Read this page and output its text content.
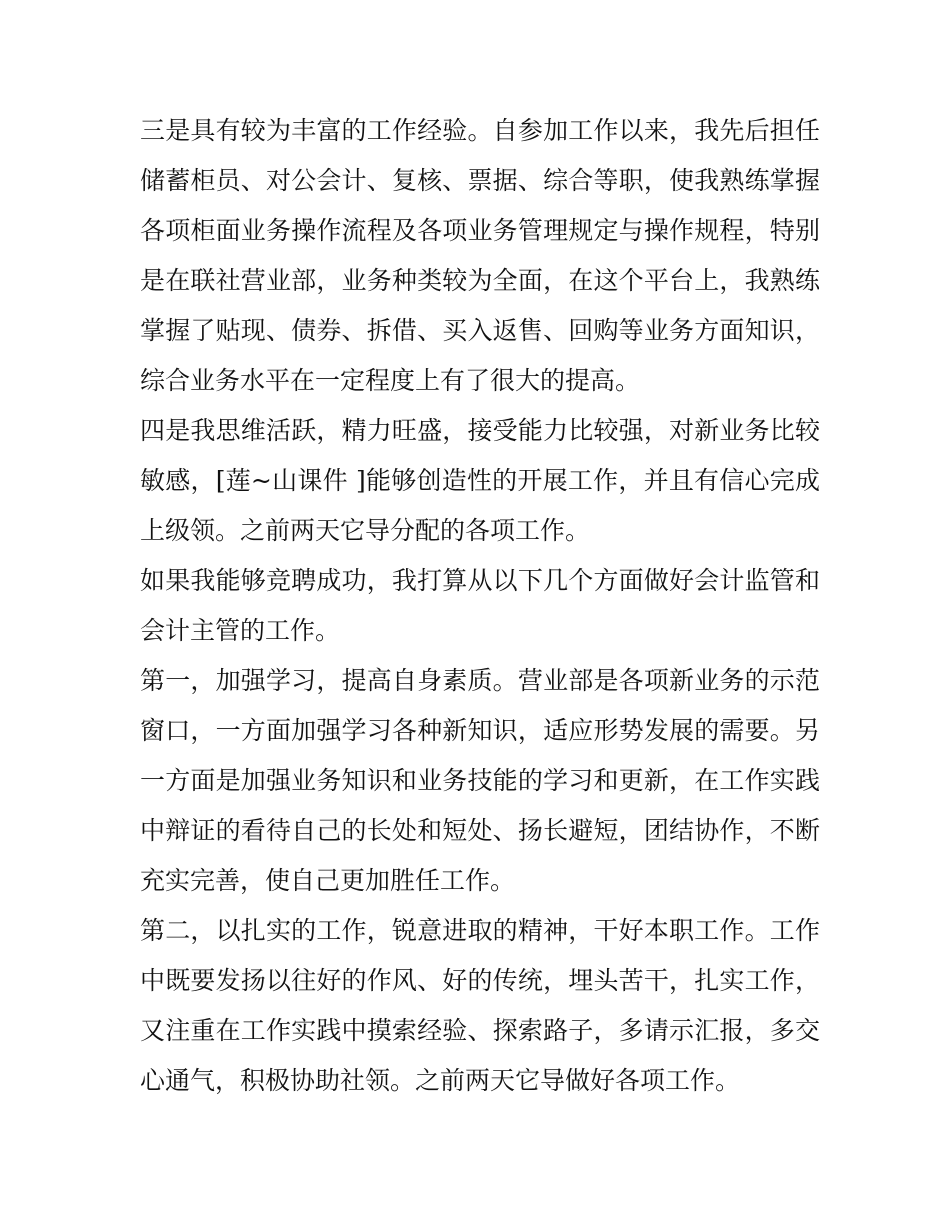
三是具有较为丰富的工作经验。自参加工作以来，我先后担任
储蓄柜员、对公会计、复核、票据、综合等职，使我熟练掌握
各项柜面业务操作流程及各项业务管理规定与操作规程，特别
是在联社营业部，业务种类较为全面，在这个平台上，我熟练
掌握了贴现、债券、拆借、买入返售、回购等业务方面知识，
综合业务水平在一定程度上有了很大的提高。
四是我思维活跃，精力旺盛，接受能力比较强，对新业务比较
敏感，[莲~山课件 ]能够创造性的开展工作，并且有信心完成
上级领。之前两天它导分配的各项工作。
如果我能够竞聘成功，我打算从以下几个方面做好会计监管和
会计主管的工作。
第一，加强学习，提高自身素质。营业部是各项新业务的示范
窗口，一方面加强学习各种新知识，适应形势发展的需要。另
一方面是加强业务知识和业务技能的学习和更新，在工作实践
中辩证的看待自己的长处和短处、扬长避短，团结协作，不断
充实完善，使自己更加胜任工作。
第二，以扎实的工作，锐意进取的精神，干好本职工作。工作
中既要发扬以往好的作风、好的传统，埋头苦干，扎实工作，
又注重在工作实践中摸索经验、探索路子，多请示汇报，多交
心通气，积极协助社领。之前两天它导做好各项工作。
